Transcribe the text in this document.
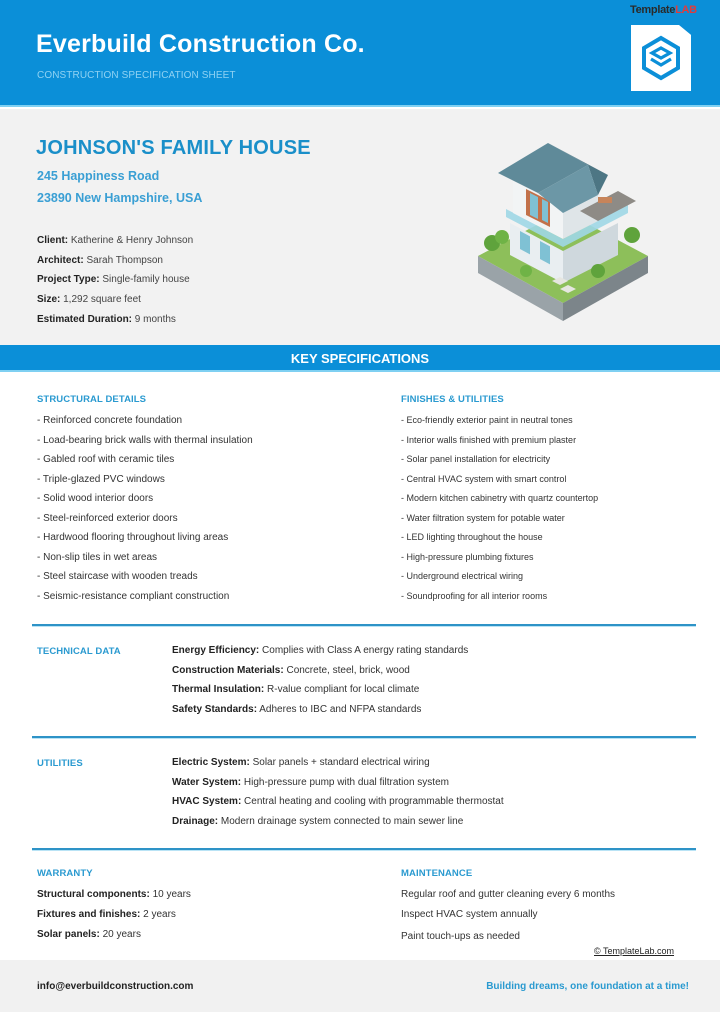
Everbuild Construction Co.
CONSTRUCTION SPECIFICATION SHEET
TemplateLAB
JOHNSON'S FAMILY HOUSE
245 Happiness Road
23890 New Hampshire, USA
Client: Katherine & Henry Johnson
Architect: Sarah Thompson
Project Type: Single-family house
Size: 1,292 square feet
Estimated Duration: 9 months
KEY SPECIFICATIONS
STRUCTURAL DETAILS
- Reinforced concrete foundation
- Load-bearing brick walls with thermal insulation
- Gabled roof with ceramic tiles
- Triple-glazed PVC windows
- Solid wood interior doors
- Steel-reinforced exterior doors
- Hardwood flooring throughout living areas
- Non-slip tiles in wet areas
- Steel staircase with wooden treads
- Seismic-resistance compliant construction
FINISHES & UTILITIES
- Eco-friendly exterior paint in neutral tones
- Interior walls finished with premium plaster
- Solar panel installation for electricity
- Central HVAC system with smart control
- Modern kitchen cabinetry with quartz countertop
- Water filtration system for potable water
- LED lighting throughout the house
- High-pressure plumbing fixtures
- Underground electrical wiring
- Soundproofing for all interior rooms
TECHNICAL DATA	Energy Efficiency: Complies with Class A energy rating standards
Construction Materials: Concrete, steel, brick, wood
Thermal Insulation: R-value compliant for local climate
Safety Standards: Adheres to IBC and NFPA standards
UTILITIES	Electric System: Solar panels + standard electrical wiring
Water System: High-pressure pump with dual filtration system
HVAC System: Central heating and cooling with programmable thermostat
Drainage: Modern drainage system connected to main sewer line
WARRANTY
Structural components: 10 years
Fixtures and finishes: 2 years
Solar panels: 20 years
MAINTENANCE
Regular roof and gutter cleaning every 6 months
Inspect HVAC system annually
Paint touch-ups as needed
© TemplateLab.com
info@everbuildconstruction.com	Building dreams, one foundation at a time!
